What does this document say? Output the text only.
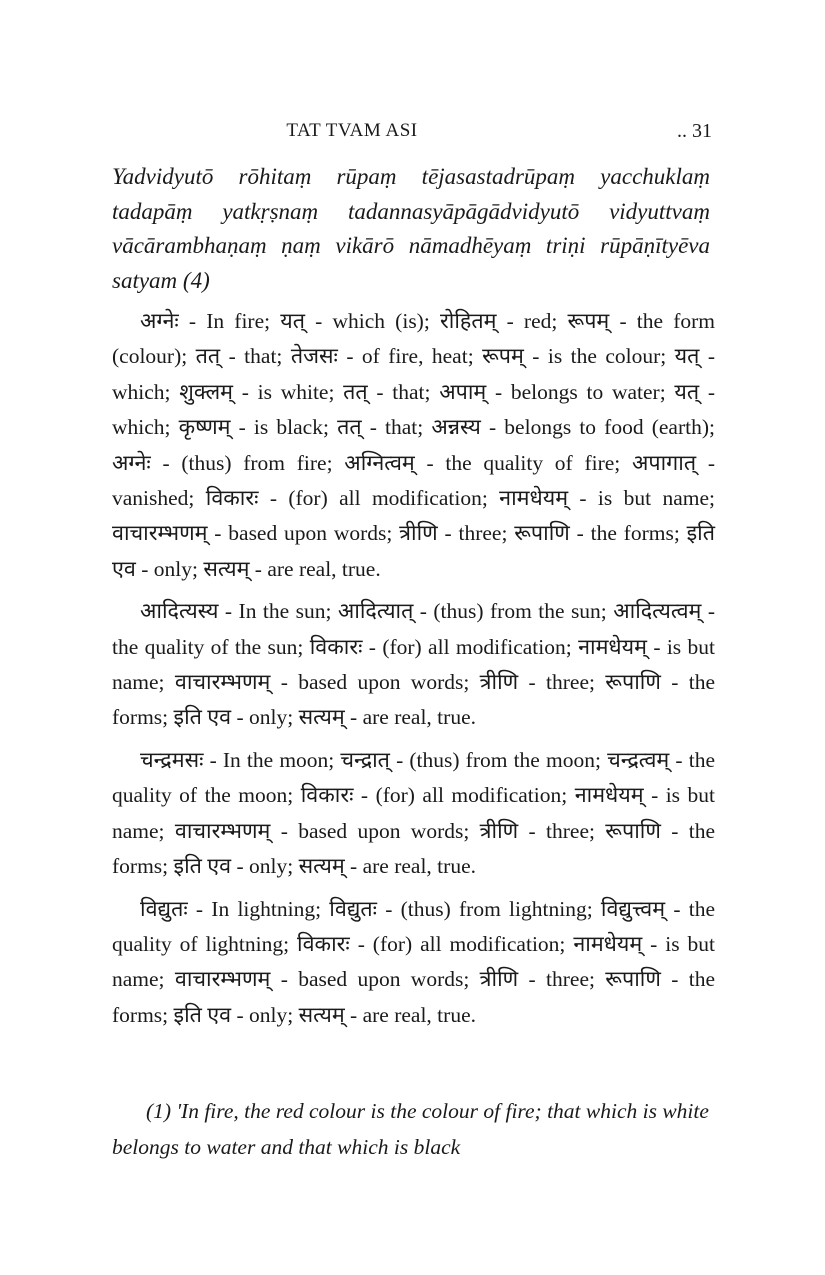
TAT TVAM ASI	.. 31
Yadvidyutō rōhitaṃ rūpaṃ tējasastadrūpaṃ yacchuklaṃ tadapāṃ yatkṛṣnaṃ tadannasyāpāgādvidyutō vidyuttvaṃ vācārambhaṇaṃ ṇaṃ vikārō nāmadhēyaṃ triṇi rūpāṇītyēva satyam (4)

अग्नेः - In fire; यत् - which (is); रोहितम् - red; रूपम् - the form (colour); तत् - that; तेजसः - of fire, heat; रूपम् - is the colour; यत् - which; शुक्लम् - is white; तत् - that; अपाम् - belongs to water; यत् - which; कृष्णम् - is black; तत् - that; अन्नस्य - belongs to food (earth); अग्नेः - (thus) from fire; अग्नित्वम् - the quality of fire; अपागात् - vanished; विकारः - (for) all modification; नामधेयम् - is but name; वाचारम्भणम् - based upon words; त्रीणि - three; रूपाणि - the forms; इति एव - only; सत्यम् - are real, true.

आदित्यस्य - In the sun; आदित्यात् - (thus) from the sun; आदित्यत्वम् - the quality of the sun; विकारः - (for) all modification; नामधेयम् - is but name; वाचारम्भणम् - based upon words; त्रीणि - three; रूपाणि - the forms; इति एव - only; सत्यम् - are real, true.

चन्द्रमसः - In the moon; चन्द्रात् - (thus) from the moon; चन्द्रत्वम् - the quality of the moon; विकारः - (for) all modification; नामधेयम् - is but name; वाचारम्भणम् - based upon words; त्रीणि - three; रूपाणि - the forms; इति एव - only; सत्यम् - are real, true.

विद्युतः - In lightning; विद्युतः - (thus) from lightning; विद्युत्त्वम् - the quality of lightning; विकारः - (for) all modification; नामधेयम् - is but name; वाचारम्भणम् - based upon words; त्रीणि - three; रूपाणि - the forms; इति एव - only; सत्यम् - are real, true.

(1) 'In fire, the red colour is the colour of fire; that which is white belongs to water and that which is black
